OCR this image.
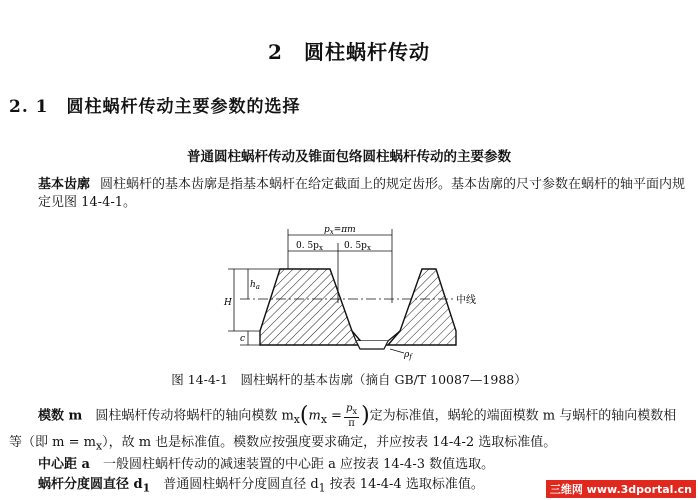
2　圆柱蜗杆传动
2. 1　圆柱蜗杆传动主要参数的选择
普通圆柱蜗杆传动及锥面包络圆柱蜗杆传动的主要参数
基本齿廓 圆柱蜗杆的基本齿廓是指基本蜗杆在给定截面上的规定齿形。基本齿廓的尺寸参数在蜗杆的轴平面内规定见图 14-4-1。
$p_x=\pi m$
0. $5p_x$ 0. $5p_x$
$h_a$
H
c
中线
$\rho_f$
图 14-4-1　圆柱蜗杆的基本齿廓（摘自 GB/T 10087—1988）
模数 m　 圆柱蜗杆传动将蜗杆的轴向模数 $m_x(m_x = \frac{p_x}{\pi}$ )定为标准值，蜗轮的端面模数 m 与蜗杆的轴向模数相
等（即 $m = m_x$），故 m 也是标准值。模数应按强度要求确定，并应按表 14-4-2 选取标准值。
中心距 a　 一般圆柱蜗杆传动的减速装置的中心距 a 应按表 14-4-3 数值选取。
蜗杆分度圆直径 $d_1$　 普通圆柱蜗杆分度圆直径 $d_1$ 按表 14-4-4 选取标准值。	三维网 www.3dportal.cn
